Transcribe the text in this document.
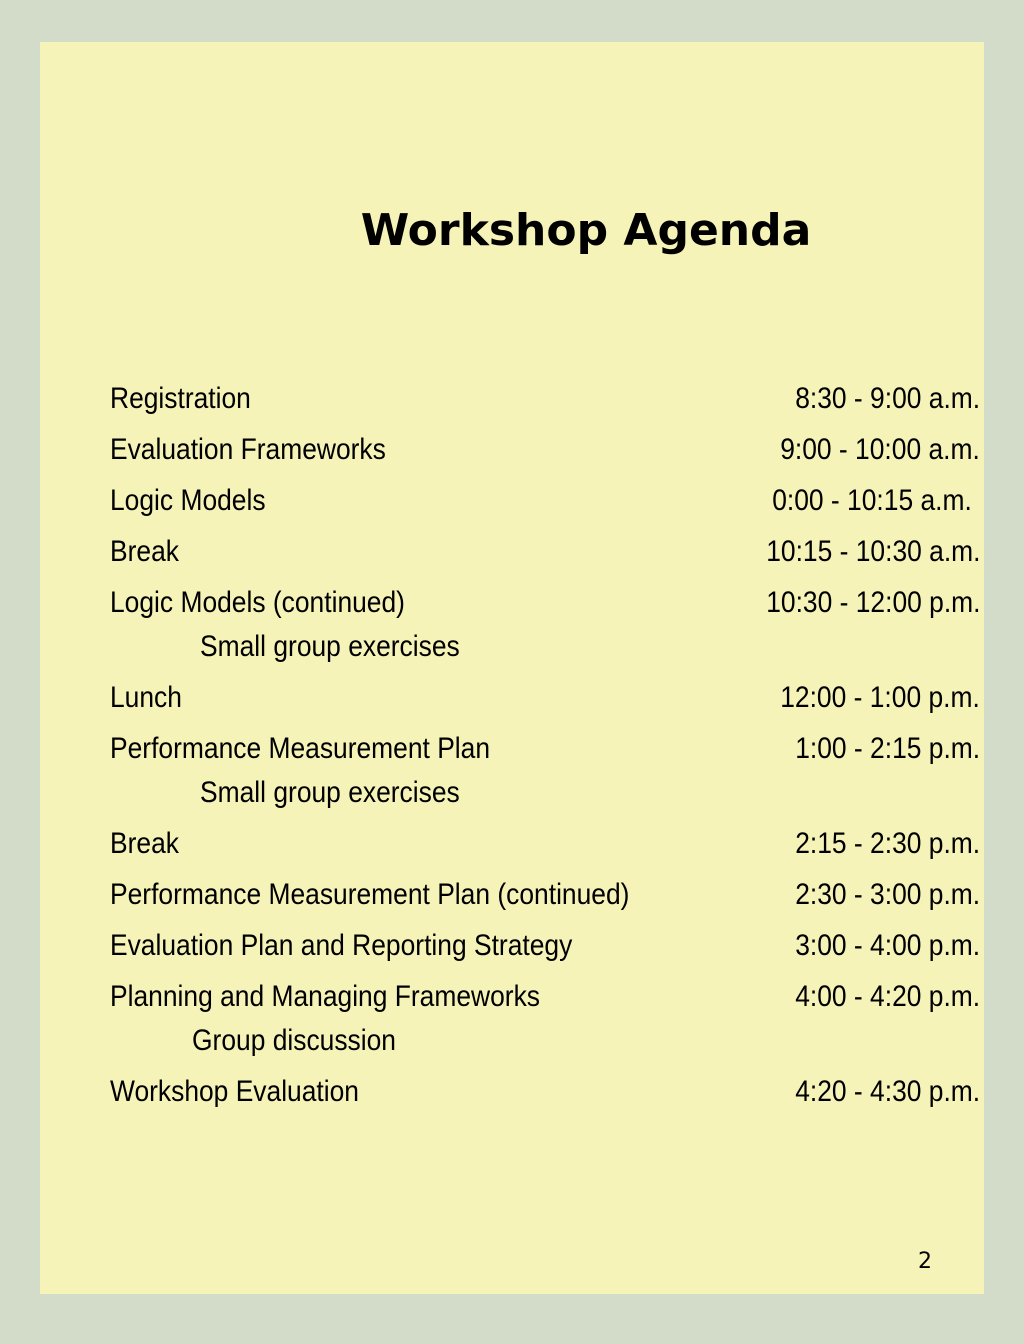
Workshop Agenda
Registration	8:30 - 9:00 a.m.
Evaluation Frameworks	9:00 - 10:00 a.m.
Logic Models	0:00 - 10:15 a.m.
Break	10:15 - 10:30 a.m.
Logic Models (continued)	10:30 - 12:00 p.m.
Small group exercises
Lunch	12:00 - 1:00 p.m.
Performance Measurement Plan	1:00 - 2:15 p.m.
Small group exercises
Break	2:15 - 2:30 p.m.
Performance Measurement Plan (continued)	2:30 - 3:00 p.m.
Evaluation Plan and Reporting Strategy	3:00 - 4:00 p.m.
Planning and Managing Frameworks	4:00 - 4:20 p.m.
Group discussion
Workshop Evaluation	4:20 - 4:30 p.m.
2
